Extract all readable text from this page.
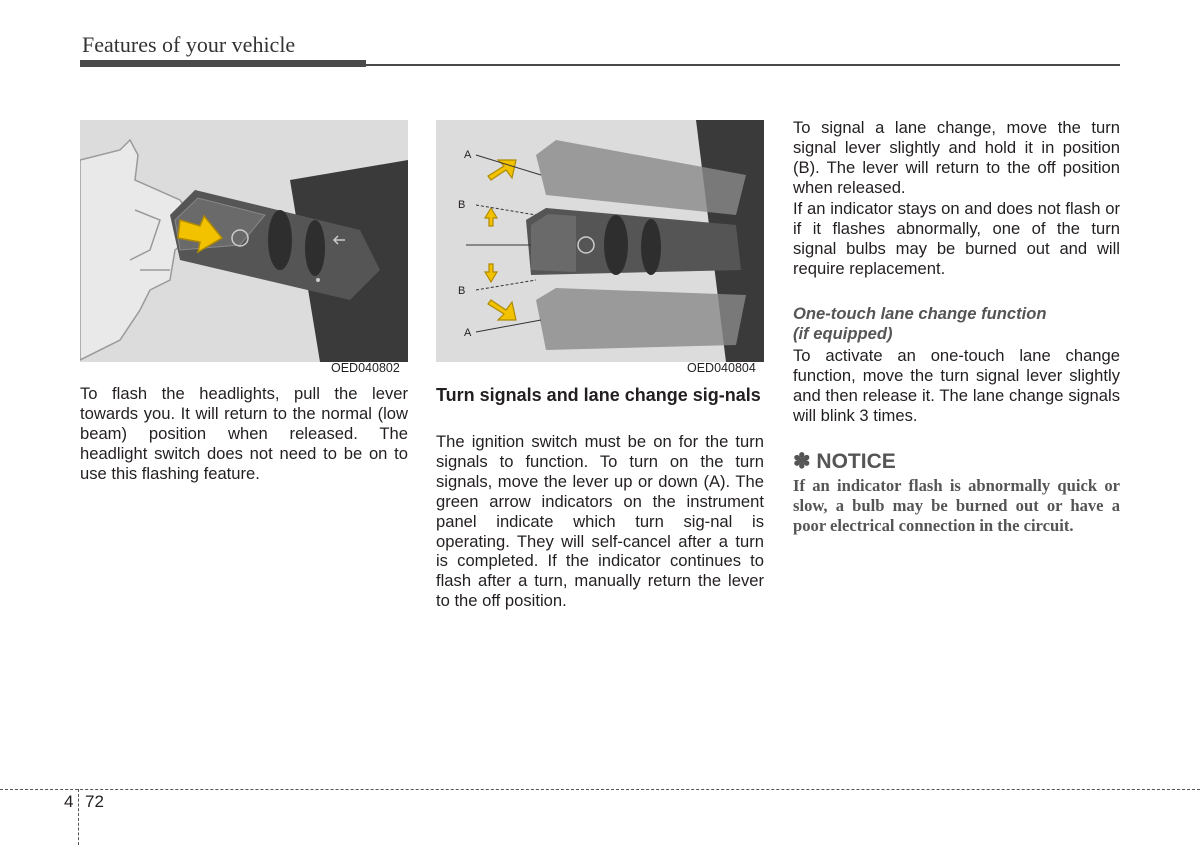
Features of your vehicle
OED040802
A
B
B
A
OED040804

To flash the headlights, pull the lever towards you. It will return to the normal (low beam) position when released. The headlight switch does not need to be on to use this flashing feature.

Turn signals and lane change sig-nals

The ignition switch must be on for the turn signals to function. To turn on the turn signals, move the lever up or down (A). The green arrow indicators on the instrument panel indicate which turn sig-nal is operating. They will self-cancel after a turn is completed. If the indicator continues to flash after a turn, manually return the lever to the off position.

To signal a lane change, move the turn signal lever slightly and hold it in position (B). The lever will return to the off position when released.

If an indicator stays on and does not flash or if it flashes abnormally, one of the turn signal bulbs may be burned out and will require replacement.

One-touch lane change function
(if equipped)

To activate an one-touch lane change function, move the turn signal lever slightly and then release it. The lane change signals will blink 3 times.

✽ NOTICE

If an indicator flash is abnormally quick or slow, a bulb may be burned out or have a poor electrical connection in the circuit.

4 72
